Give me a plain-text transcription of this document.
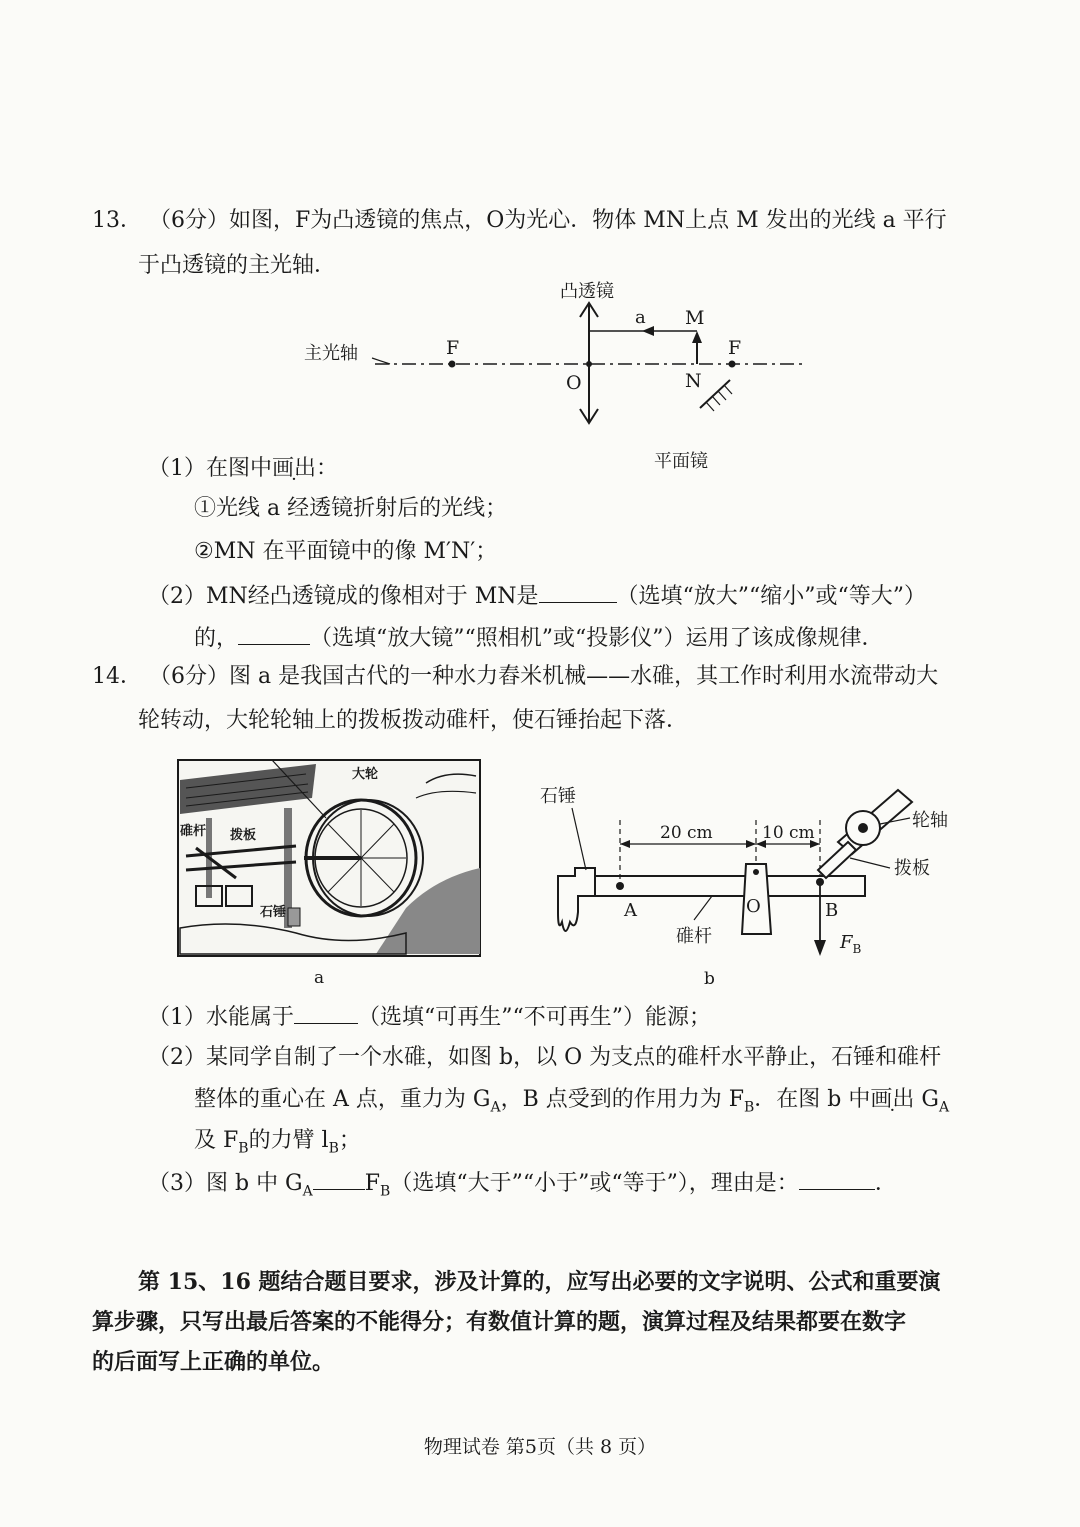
13． （6分）如图，F为凸透镜的焦点，O为光心．物体 MN上点 M 发出的光线 a 平行
于凸透镜的主光轴．
主光轴
凸透镜
F	F
O
M
N
a
平面镜
（1）在图中画出：
①光线 a 经透镜折射后的光线；
②MN 在平面镜中的像 M′N′；
（2）MN经凸透镜成的像相对于 MN是	（选填“放大”“缩小”或“等大”）
的，	（选填“放大镜”“照相机”或“投影仪”）运用了该成像规律．
14． （6分）图 a 是我国古代的一种水力舂米机械——水碓，其工作时利用水流带动大
轮转动，大轮轮轴上的拨板拨动碓杆，使石锤抬起下落．
大轮
碓杆 拨板
石锤
a
石锤
O
A	B
20 cm	10 cm
轮轴
拨板
碓杆	$F_B$
b
（1）水能属于	（选填“可再生”“不可再生”）能源；
（2）某同学自制了一个水碓，如图 b，以 O 为支点的碓杆水平静止，石锤和碓杆
整体的重心在 A 点，重力为 $G_A$，B 点受到的作用力为 $F_B$．在图 b 中画出 $G_A$
及 $F_B$的力臂 $l_B$；
（3）图 b 中 $G_A$ $F_B$（选填“大于”“小于”或“等于”），理由是：	．
第 15、16 题结合题目要求，涉及计算的，应写出必要的文字说明、公式和重要演
算步骤，只写出最后答案的不能得分；有数值计算的题，演算过程及结果都要在数字
的后面写上正确的单位。
物理试卷 第5页（共 8 页）
